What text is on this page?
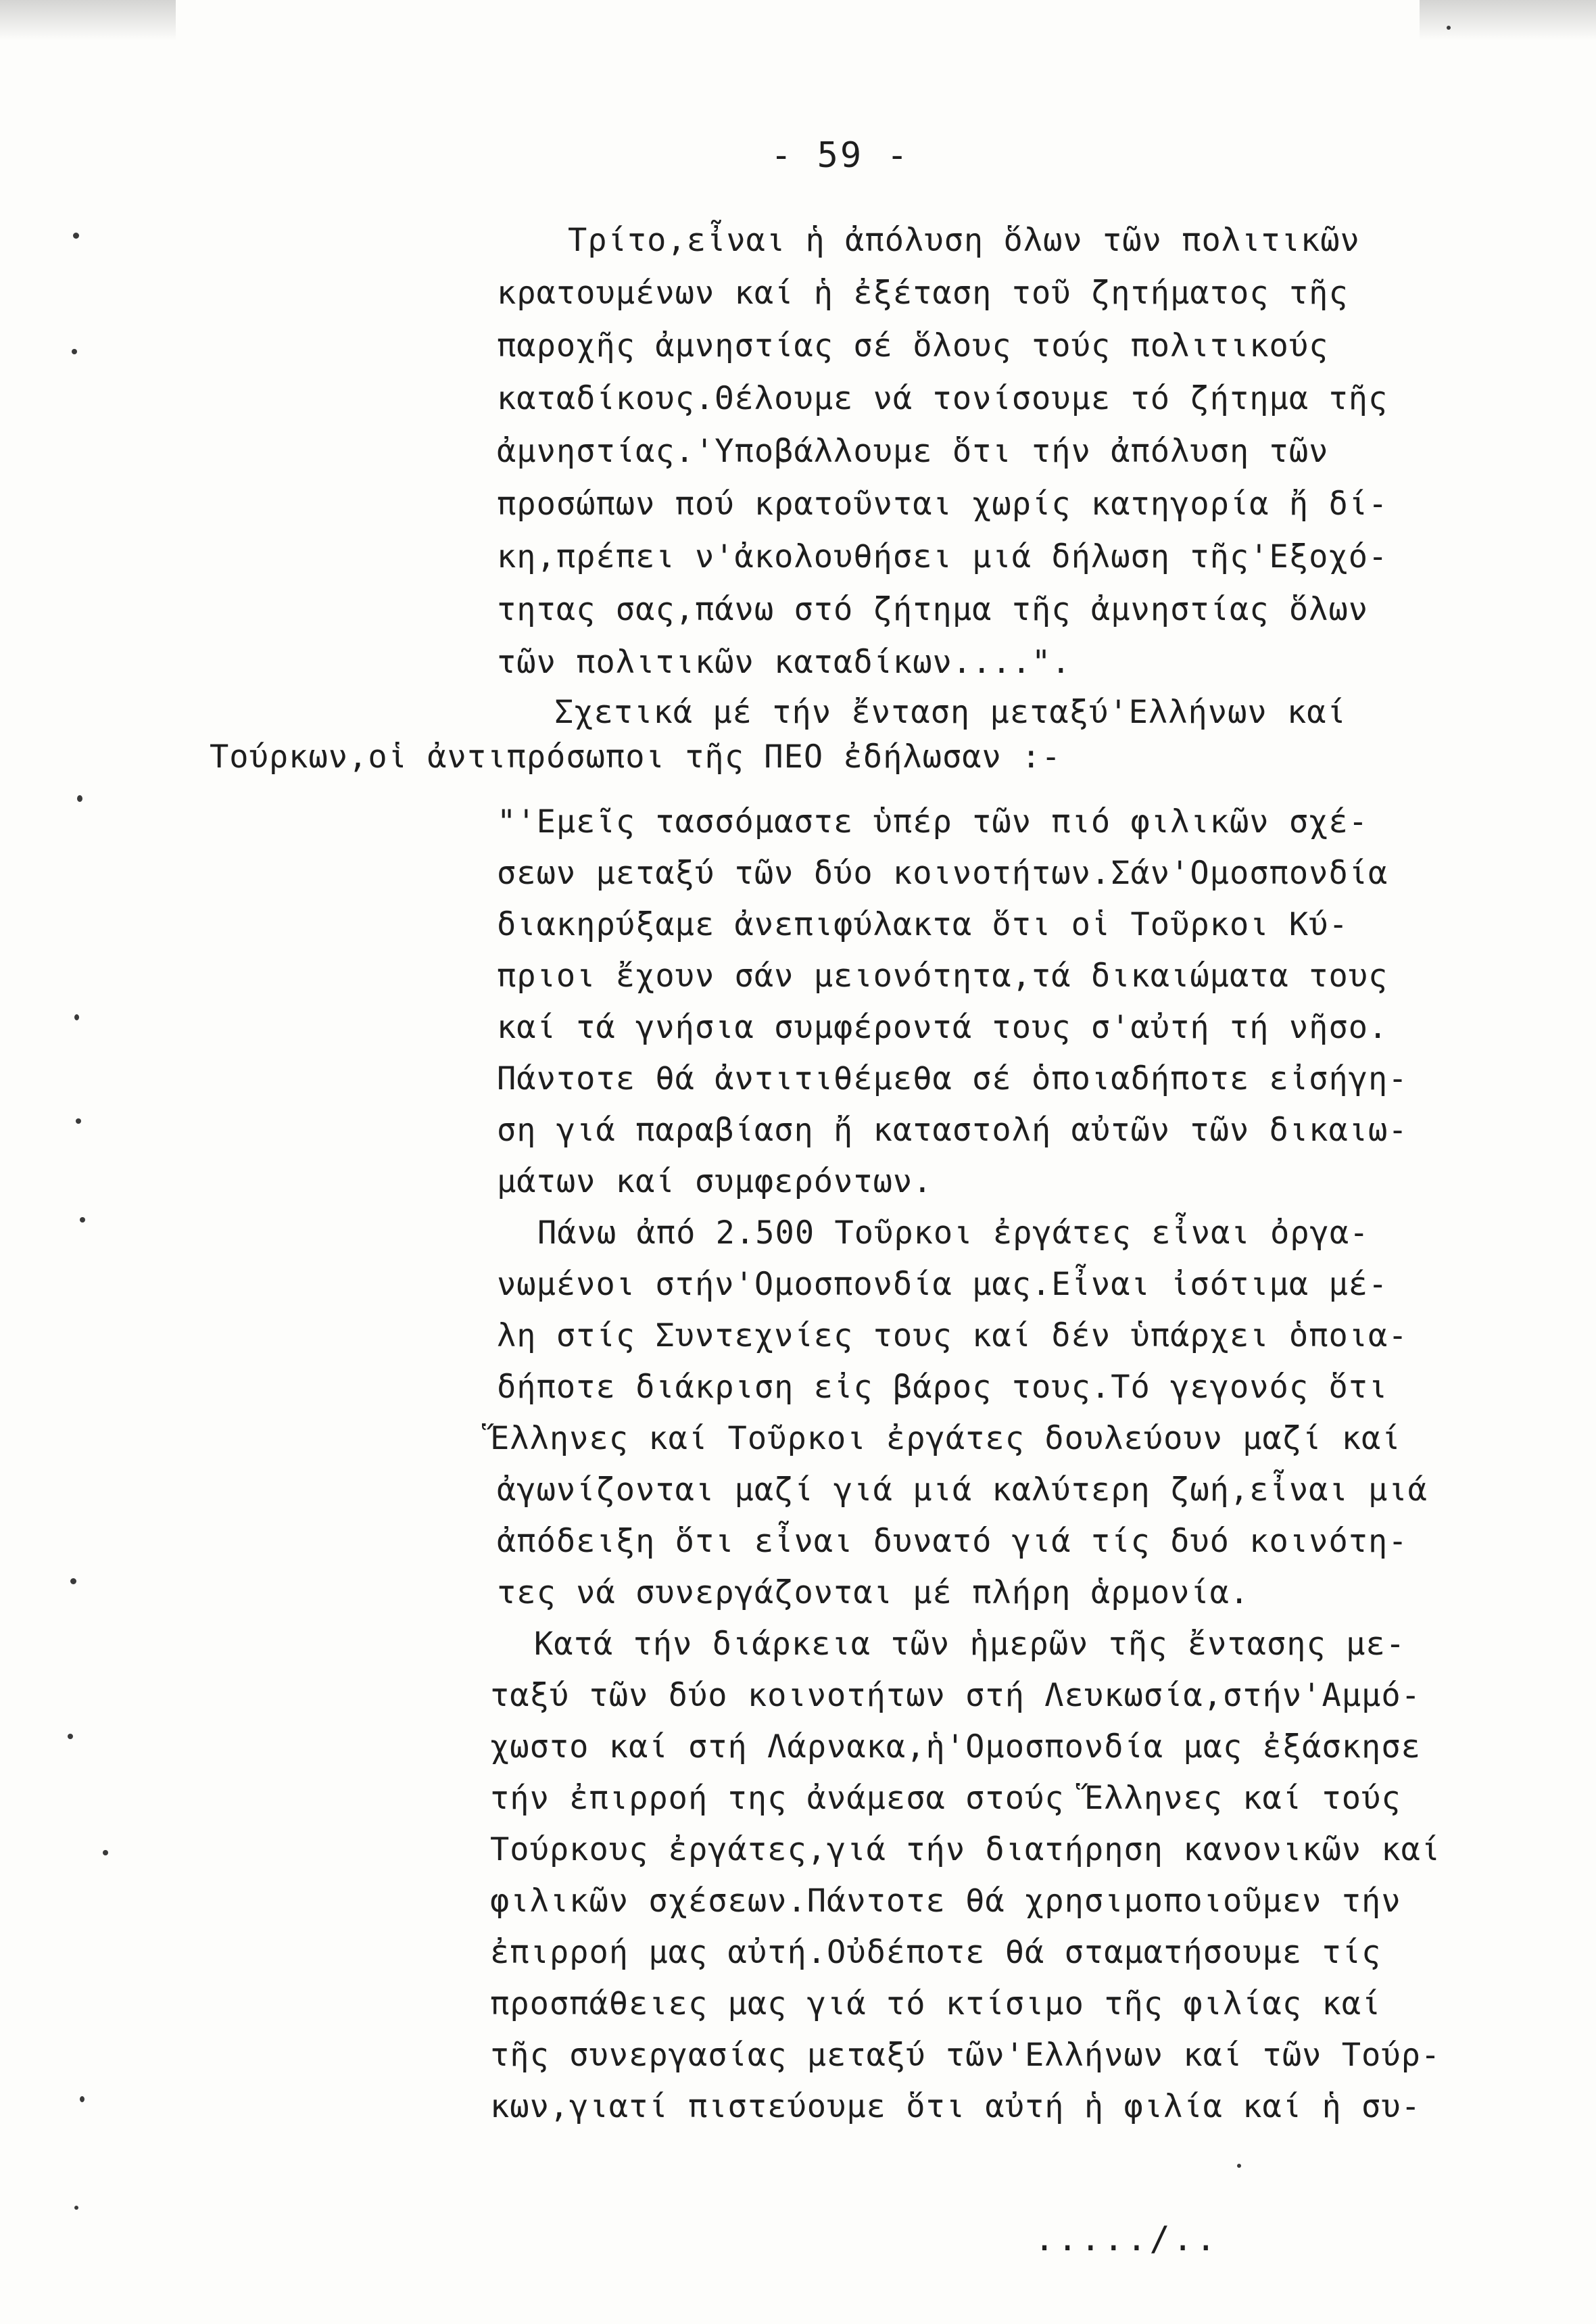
- 59 -
Τρίτο,εἶναι ἡ ἀπόλυση ὅλων τῶν πολιτικῶν
κρατουμένων καί ἡ ἐξέταση τοῦ ζητήματος τῆς
παροχῆς ἀμνηστίας σέ ὅλους τούς πολιτικούς
καταδίκους.Θέλουμε νά τονίσουμε τό ζήτημα τῆς
ἀμνηστίας.'Υποβάλλουμε ὅτι τήν ἀπόλυση τῶν
προσώπων πού κρατοῦνται χωρίς κατηγορία ἤ δί-
κη,πρέπει ν'ἀκολουθήσει μιά δήλωση τῆς'Εξοχό-
τητας σας,πάνω στό ζήτημα τῆς ἀμνηστίας ὅλων
τῶν πολιτικῶν καταδίκων....".
Σχετικά μέ τήν ἔνταση μεταξύ'Ελλήνων καί
Τούρκων,οἱ ἀντιπρόσωποι τῆς ΠΕΟ ἐδήλωσαν :-
"'Εμεῖς τασσόμαστε ὑπέρ τῶν πιό φιλικῶν σχέ-
σεων μεταξύ τῶν δύο κοινοτήτων.Σάν'Ομοσπονδία
διακηρύξαμε ἀνεπιφύλακτα ὅτι οἱ Τοῦρκοι Κύ-
πριοι ἔχουν σάν μειονότητα,τά δικαιώματα τους
καί τά γνήσια συμφέροντά τους σ'αὐτή τή νῆσο.
Πάντοτε θά ἀντιτιθέμεθα σέ ὁποιαδήποτε εἰσήγη-
ση γιά παραβίαση ἤ καταστολή αὐτῶν τῶν δικαιω-
μάτων καί συμφερόντων.
Πάνω ἀπό 2.500 Τοῦρκοι ἐργάτες εἶναι ὀργα-
νωμένοι στήν'Ομοσπονδία μας.Εἶναι ἰσότιμα μέ-
λη στίς Συντεχνίες τους καί δέν ὑπάρχει ὁποια-
δήποτε διάκριση εἰς βάρος τους.Τό γεγονός ὅτι
Ἕλληνες καί Τοῦρκοι ἐργάτες δουλεύουν μαζί καί
ἀγωνίζονται μαζί γιά μιά καλύτερη ζωή,εἶναι μιά
ἀπόδειξη ὅτι εἶναι δυνατό γιά τίς δυό κοινότη-
τες νά συνεργάζονται μέ πλήρη ἁρμονία.
Κατά τήν διάρκεια τῶν ἡμερῶν τῆς ἔντασης με-
ταξύ τῶν δύο κοινοτήτων στή Λευκωσία,στήν'Αμμό-
χωστο καί στή Λάρνακα,ἡ'Ομοσπονδία μας ἐξάσκησε
τήν ἐπιρροή της ἀνάμεσα στούς Ἕλληνες καί τούς
Τούρκους ἐργάτες,γιά τήν διατήρηση κανονικῶν καί
φιλικῶν σχέσεων.Πάντοτε θά χρησιμοποιοῦμεν τήν
ἐπιρροή μας αὐτή.Οὐδέποτε θά σταματήσουμε τίς
προσπάθειες μας γιά τό κτίσιμο τῆς φιλίας καί
τῆς συνεργασίας μεταξύ τῶν'Ελλήνων καί τῶν Τούρ-
κων,γιατί πιστεύουμε ὅτι αὐτή ἡ φιλία καί ἡ συ-
...../..
